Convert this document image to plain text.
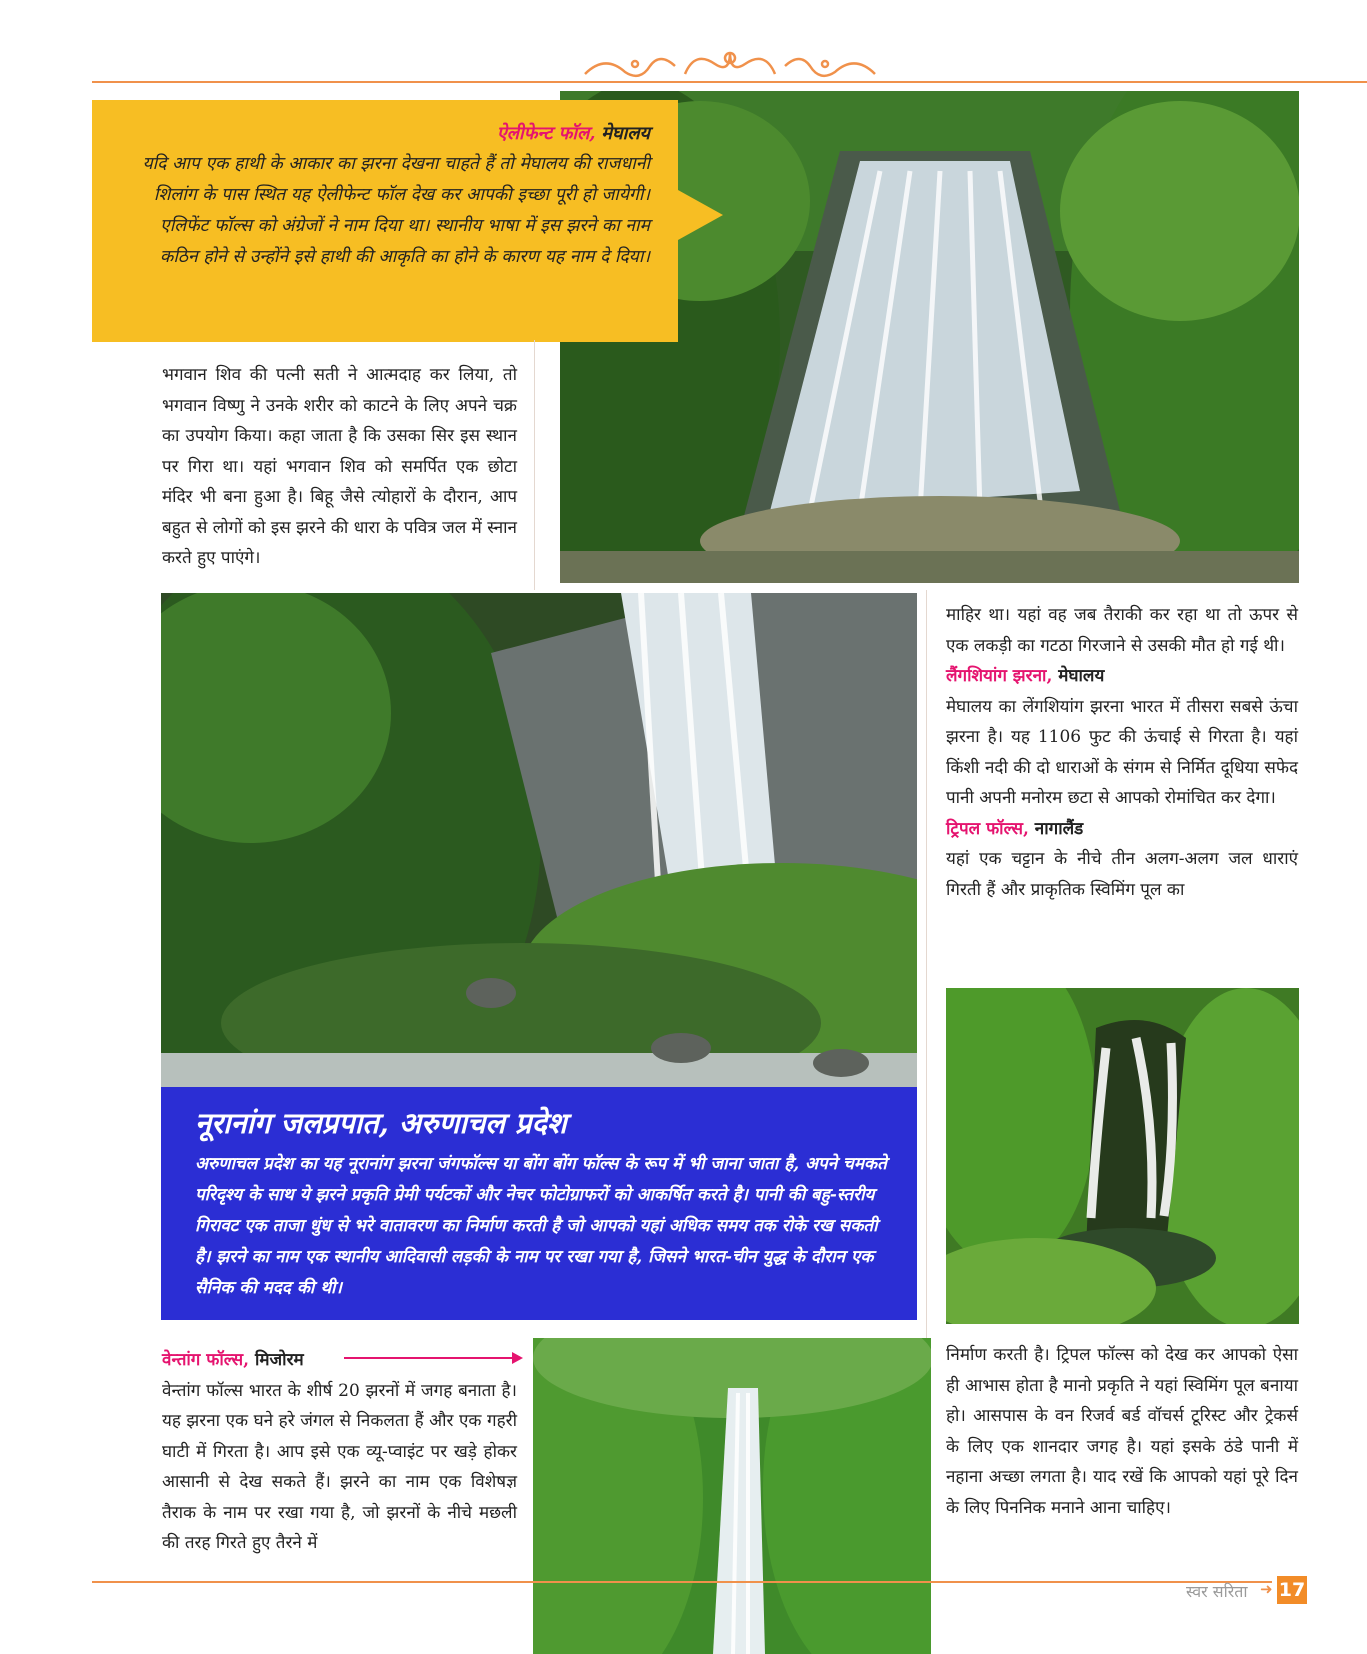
ऐलीफेन्ट फॉल, मेघालय
यदि आप एक हाथी के आकार का झरना देखना चाहते हैं तो मेघालय की राजधानी शिलांग के पास स्थित यह ऐलीफेन्ट फॉल देख कर आपकी इच्छा पूरी हो जायेगी। एलिफेंट फॉल्स को अंग्रेजों ने नाम दिया था। स्थानीय भाषा में इस झरने का नाम कठिन होने से उन्होंने इसे हाथी की आकृति का होने के कारण यह नाम दे दिया।
भगवान शिव की पत्नी सती ने आत्मदाह कर लिया, तो भगवान विष्णु ने उनके शरीर को काटने के लिए अपने चक्र का उपयोग किया। कहा जाता है कि उसका सिर इस स्थान पर गिरा था। यहां भगवान शिव को समर्पित एक छोटा मंदिर भी बना हुआ है। बिहू जैसे त्योहारों के दौरान, आप बहुत से लोगों को इस झरने की धारा के पवित्र जल में स्नान करते हुए पाएंगे।
नूरानांग जलप्रपात, अरुणाचल प्रदेश
अरुणाचल प्रदेश का यह नूरानांग झरना जंगफॉल्स या बोंग बोंग फॉल्स के रूप में भी जाना जाता है, अपने चमकते परिदृश्य के साथ ये झरने प्रकृति प्रेमी पर्यटकों और नेचर फोटोग्राफरों को आकर्षित करते है। पानी की बहु-स्तरीय गिरावट एक ताजा धुंध से भरे वातावरण का निर्माण करती है जो आपको यहां अधिक समय तक रोके रख सकती है। झरने का नाम एक स्थानीय आदिवासी लड़की के नाम पर रखा गया है, जिसने भारत-चीन युद्ध के दौरान एक सैनिक की मदद की थी।

माहिर था। यहां वह जब तैराकी कर रहा था तो ऊपर से एक लकड़ी का गटठा गिरजाने से उसकी मौत हो गई थी।

लैंगशियांग झरना, मेघालय

मेघालय का लेंगशियांग झरना भारत में तीसरा सबसे ऊंचा झरना है। यह 1106 फुट की ऊंचाई से गिरता है। यहां किंशी नदी की दो धाराओं के संगम से निर्मित दूधिया सफेद पानी अपनी मनोरम छटा से आपको रोमांचित कर देगा।

ट्रिपल फॉल्स, नागालैंड

यहां एक चट्टान के नीचे तीन अलग-अलग जल धाराएं गिरती हैं और प्राकृतिक स्विमिंग पूल का

निर्माण करती है। ट्रिपल फॉल्स को देख कर आपको ऐसा ही आभास होता है मानो प्रकृति ने यहां स्विमिंग पूल बनाया हो। आसपास के वन रिजर्व बर्ड वॉचर्स टूरिस्ट और ट्रेकर्स के लिए एक शानदार जगह है। यहां इसके ठंडे पानी में नहाना अच्छा लगता है। याद रखें कि आपको यहां पूरे दिन के लिए पिननिक मनाने आना चाहिए।
वेन्तांग फॉल्स, मिजोरम

वेन्तांग फॉल्स भारत के शीर्ष 20 झरनों में जगह बनाता है। यह झरना एक घने हरे जंगल से निकलता हैं और एक गहरी घाटी में गिरता है। आप इसे एक व्यू-प्वाइंट पर खड़े होकर आसानी से देख सकते हैं। झरने का नाम एक विशेषज्ञ तैराक के नाम पर रखा गया है, जो झरनों के नीचे मछली की तरह गिरते हुए तैरने में

स्वर सरिता ➜ 17
